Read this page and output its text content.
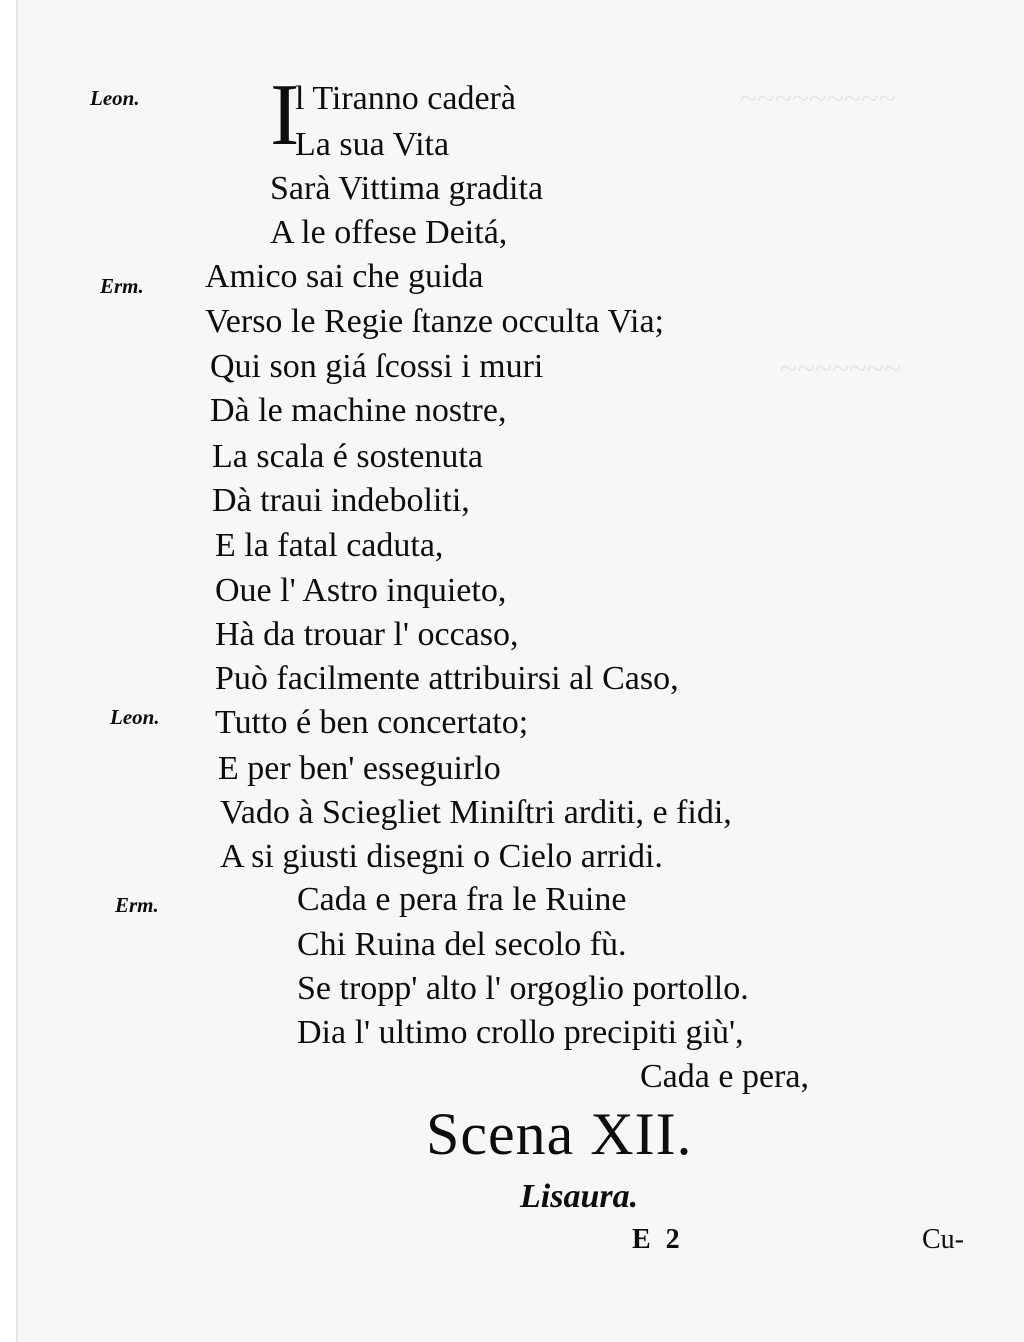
~~~~~~~~~
~~~~~~~
Leon.
Erm.
Leon.
Erm.
I
l Tiranno caderà
La sua Vita
Sarà Vittima gradita
A le offese Deitá,
Amico sai che guida
Verso le Regie ſtanze occulta Via;
Qui son giá ſcossi i muri
Dà le machine nostre,
La scala é sostenuta
Dà traui indeboliti,
E la fatal caduta,
Oue l' Astro inquieto,
Hà da trouar l' occaso,
Può facilmente attribuirsi al Caso,
Tutto é ben concertato;
E per ben' esseguirlo
Vado à Sciegliet Miniſtri arditi, e fidi,
A si giusti disegni o Cielo arridi.
Cada e pera fra le Ruine
Chi Ruina del secolo fù.
Se tropp' alto l' orgoglio portollo.
Dia l' ultimo crollo precipiti giù',
Cada e pera,
Scena XII.
Lisaura.
E 2	Cu-
